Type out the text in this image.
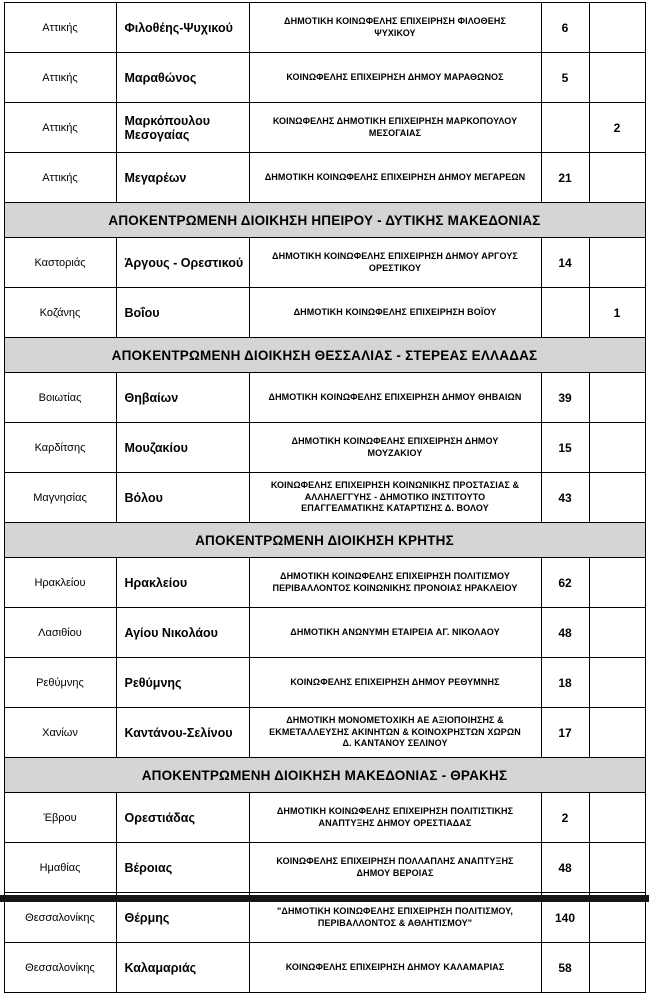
Αττικής	Φιλοθέης-Ψυχικού	ΔΗΜΟΤΙΚΗ ΚΟΙΝΩΦΕΛΗΣ ΕΠΙΧΕΙΡΗΣΗ ΦΙΛΟΘΕΗΣ ΨΥΧΙΚΟΥ	6	
Αττικής	Μαραθώνος	ΚΟΙΝΩΦΕΛΗΣ ΕΠΙΧΕΙΡΗΣΗ ΔΗΜΟΥ ΜΑΡΑΘΩΝΟΣ	5	
Αττικής	Μαρκόπουλου Μεσογαίας	ΚΟΙΝΩΦΕΛΗΣ ΔΗΜΟΤΙΚΗ ΕΠΙΧΕΙΡΗΣΗ ΜΑΡΚΟΠΟΥΛΟΥ ΜΕΣΟΓΑΙΑΣ		2
Αττικής	Μεγαρέων	ΔΗΜΟΤΙΚΗ ΚΟΙΝΩΦΕΛΗΣ ΕΠΙΧΕΙΡΗΣΗ ΔΗΜΟΥ ΜΕΓΑΡΕΩΝ	21	
ΑΠΟΚΕΝΤΡΩΜΕΝΗ ΔΙΟΙΚΗΣΗ ΗΠΕΙΡΟΥ - ΔΥΤΙΚΗΣ ΜΑΚΕΔΟΝΙΑΣ				
Καστοριάς	Άργους - Ορεστικού	ΔΗΜΟΤΙΚΗ ΚΟΙΝΩΦΕΛΗΣ ΕΠΙΧΕΙΡΗΣΗ ΔΗΜΟΥ ΑΡΓΟΥΣ ΟΡΕΣΤΙΚΟΥ	14	
Κοζάνης	Βοΐου	ΔΗΜΟΤΙΚΗ ΚΟΙΝΩΦΕΛΗΣ ΕΠΙΧΕΙΡΗΣΗ ΒΟΪΟΥ		1
ΑΠΟΚΕΝΤΡΩΜΕΝΗ ΔΙΟΙΚΗΣΗ ΘΕΣΣΑΛΙΑΣ - ΣΤΕΡΕΑΣ ΕΛΛΑΔΑΣ				
Βοιωτίας	Θηβαίων	ΔΗΜΟΤΙΚΗ ΚΟΙΝΩΦΕΛΗΣ ΕΠΙΧΕΙΡΗΣΗ ΔΗΜΟΥ ΘΗΒΑΙΩΝ	39	
Καρδίτσης	Μουζακίου	ΔΗΜΟΤΙΚΗ ΚΟΙΝΩΦΕΛΗΣ ΕΠΙΧΕΙΡΗΣΗ ΔΗΜΟΥ ΜΟΥΖΑΚΙΟΥ	15	
Μαγνησίας	Βόλου	ΚΟΙΝΩΦΕΛΗΣ ΕΠΙΧΕΙΡΗΣΗ ΚΟΙΝΩΝΙΚΗΣ ΠΡΟΣΤΑΣΙΑΣ & ΑΛΛΗΛΕΓΓΥΗΣ - ΔΗΜΟΤΙΚΟ ΙΝΣΤΙΤΟΥΤΟ ΕΠΑΓΓΕΛΜΑΤΙΚΗΣ ΚΑΤΑΡΤΙΣΗΣ Δ. ΒΟΛΟΥ	43	
ΑΠΟΚΕΝΤΡΩΜΕΝΗ ΔΙΟΙΚΗΣΗ ΚΡΗΤΗΣ				
Ηρακλείου	Ηρακλείου	ΔΗΜΟΤΙΚΗ ΚΟΙΝΩΦΕΛΗΣ ΕΠΙΧΕΙΡΗΣΗ ΠΟΛΙΤΙΣΜΟΥ ΠΕΡΙΒΑΛΛΟΝΤΟΣ ΚΟΙΝΩΝΙΚΗΣ ΠΡΟΝΟΙΑΣ ΗΡΑΚΛΕΙΟΥ	62	
Λασιθίου	Αγίου Νικολάου	ΔΗΜΟΤΙΚΗ ΑΝΩΝΥΜΗ ΕΤΑΙΡΕΙΑ ΑΓ. ΝΙΚΟΛΑΟΥ	48	
Ρεθύμνης	Ρεθύμνης	ΚΟΙΝΩΦΕΛΗΣ ΕΠΙΧΕΙΡΗΣΗ ΔΗΜΟΥ ΡΕΘΥΜΝΗΣ	18	
Χανίων	Καντάνου-Σελίνου	ΔΗΜΟΤΙΚΗ ΜΟΝΟΜΕΤΟΧΙΚΗ ΑΕ ΑΞΙΟΠΟΙΗΣΗΣ & ΕΚΜΕΤΑΛΛΕΥΣΗΣ ΑΚΙΝΗΤΩΝ & ΚΟΙΝΟΧΡΗΣΤΩΝ ΧΩΡΩΝ Δ. ΚΑΝΤΑΝΟΥ ΣΕΛΙΝΟΥ	17	
ΑΠΟΚΕΝΤΡΩΜΕΝΗ ΔΙΟΙΚΗΣΗ ΜΑΚΕΔΟΝΙΑΣ - ΘΡΑΚΗΣ				
Έβρου	Ορεστιάδας	ΔΗΜΟΤΙΚΗ ΚΟΙΝΩΦΕΛΗΣ ΕΠΙΧΕΙΡΗΣΗ ΠΟΛΙΤΙΣΤΙΚΗΣ ΑΝΑΠΤΥΞΗΣ ΔΗΜΟΥ ΟΡΕΣΤΙΑΔΑΣ	2	
Ημαθίας	Βέροιας	ΚΟΙΝΩΦΕΛΗΣ ΕΠΙΧΕΙΡΗΣΗ ΠΟΛΛΑΠΛΗΣ ΑΝΑΠΤΥΞΗΣ ΔΗΜΟΥ ΒΕΡΟΙΑΣ	48	
Θεσσαλονίκης	Θέρμης	"ΔΗΜΟΤΙΚΗ ΚΟΙΝΩΦΕΛΗΣ ΕΠΙΧΕΙΡΗΣΗ ΠΟΛΙΤΙΣΜΟΥ, ΠΕΡΙΒΑΛΛΟΝΤΟΣ & ΑΘΛΗΤΙΣΜΟΥ"	140	
Θεσσαλονίκης	Καλαμαριάς	ΚΟΙΝΩΦΕΛΗΣ ΕΠΙΧΕΙΡΗΣΗ ΔΗΜΟΥ ΚΑΛΑΜΑΡΙΑΣ	58	
